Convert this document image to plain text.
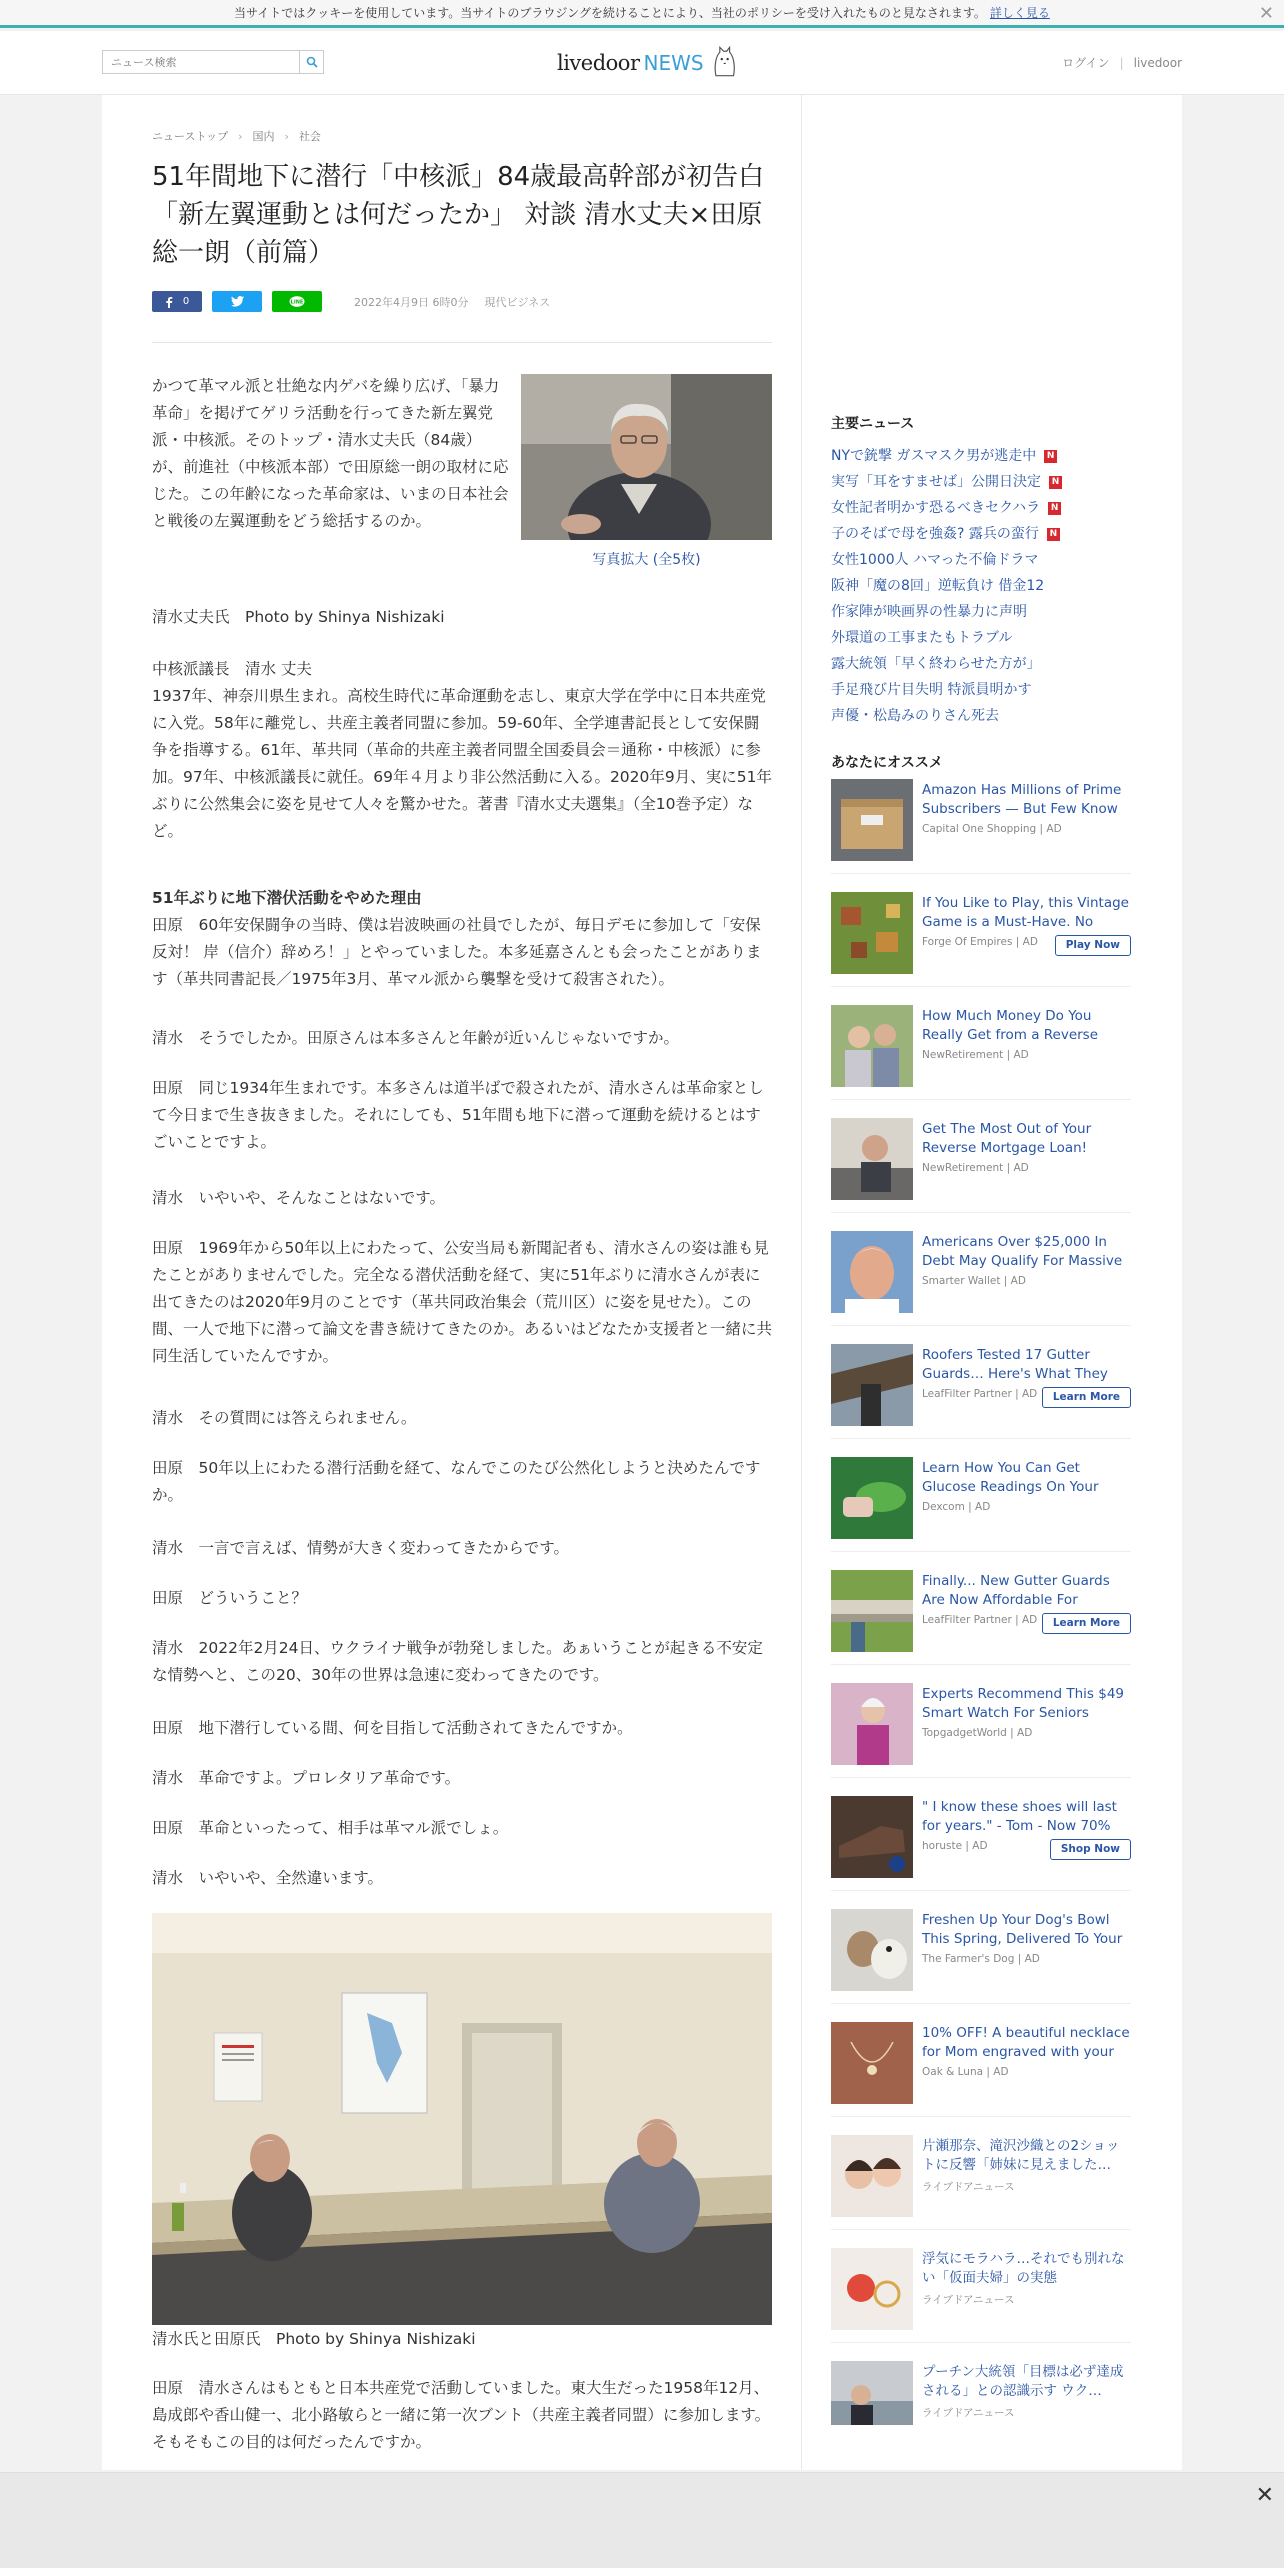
当サイトではクッキーを使用しています。当サイトのブラウジングを続けることにより、当社のポリシーを受け入れたものと見なされます。 詳しく見る	✕
ニュース検索
livedoor NEWS	ログイン | livedoor
ニューストップ › 国内 › 社会
51年間地下に潜行「中核派」84歳最高幹部が初告白「新左翼運動とは何だったか」 対談 清水丈夫×田原総一朗（前篇）
0	LINE	2022年4月9日 6時0分 現代ビジネス

かつて革マル派と壮絶な内ゲバを繰り広げ、「暴力革命」を掲げてゲリラ活動を行ってきた新左翼党派・中核派。そのトップ・清水丈夫氏（84歳）が、前進社（中核派本部）で田原総一朗の取材に応じた。この年齢になった革命家は、いまの日本社会と戦後の左翼運動をどう総括するのか。

写真拡大 (全5枚)

清水丈夫氏　Photo by Shinya Nishizaki

中核派議長　清水 丈夫

1937年、神奈川県生まれ。高校生時代に革命運動を志し、東京大学在学中に日本共産党に入党。58年に離党し、共産主義者同盟に参加。59-60年、全学連書記長として安保闘争を指導する。61年、革共同（革命的共産主義者同盟全国委員会＝通称・中核派）に参加。97年、中核派議長に就任。69年４月より非公然活動に入る。2020年9月、実に51年ぶりに公然集会に姿を見せて人々を驚かせた。著書『清水丈夫選集』（全10巻予定）など。

51年ぶりに地下潜伏活動をやめた理由

田原　60年安保闘争の当時、僕は岩波映画の社員でしたが、毎日デモに参加して「安保反対！ 岸（信介）辞めろ！」とやっていました。本多延嘉さんとも会ったことがあります（革共同書記長／1975年3月、革マル派から襲撃を受けて殺害された）。

清水　そうでしたか。田原さんは本多さんと年齢が近いんじゃないですか。

田原　同じ1934年生まれです。本多さんは道半ばで殺されたが、清水さんは革命家として今日まで生き抜きました。それにしても、51年間も地下に潜って運動を続けるとはすごいことですよ。

清水　いやいや、そんなことはないです。

田原　1969年から50年以上にわたって、公安当局も新聞記者も、清水さんの姿は誰も見たことがありませんでした。完全なる潜伏活動を経て、実に51年ぶりに清水さんが表に出てきたのは2020年9月のことです（革共同政治集会（荒川区）に姿を見せた）。この間、一人で地下に潜って論文を書き続けてきたのか。あるいはどなたか支援者と一緒に共同生活していたんですか。

清水　その質問には答えられません。

田原　50年以上にわたる潜行活動を経て、なんでこのたび公然化しようと決めたんですか。

清水　一言で言えば、情勢が大きく変わってきたからです。

田原　どういうこと？

清水　2022年2月24日、ウクライナ戦争が勃発しました。あぁいうことが起きる不安定な情勢へと、この20、30年の世界は急速に変わってきたのです。

田原　地下潜行している間、何を目指して活動されてきたんですか。

清水　革命ですよ。プロレタリア革命です。

田原　革命といったって、相手は革マル派でしょ。

清水　いやいや、全然違います。

清水氏と田原氏　Photo by Shinya Nishizaki

田原　清水さんはもともと日本共産党で活動していました。東大生だった1958年12月、島成郎や香山健一、北小路敏らと一緒に第一次ブント（共産主義者同盟）に参加します。そもそもこの目的は何だったんですか。

主要ニュース
NYで銃撃 ガスマスク男が逃走中 N
実写「耳をすませば」公開日決定 N
女性記者明かす恐るべきセクハラ N
子のそばで母を強姦? 露兵の蛮行 N
女性1000人 ハマった不倫ドラマ
阪神「魔の8回」逆転負け 借金12
作家陣が映画界の性暴力に声明
外環道の工事またもトラブル
露大統領「早く終わらせた方が」
手足飛び片目失明 特派員明かす
声優・松島みのりさん死去
あなたにオススメ
Amazon Has Millions of Prime Subscribers — But Few Know
Capital One Shopping | AD
If You Like to Play, this Vintage Game is a Must-Have. No
Forge Of Empires | AD	Play Now
How Much Money Do You Really Get from a Reverse
NewRetirement | AD
Get The Most Out of Your Reverse Mortgage Loan!
NewRetirement | AD
Americans Over $25,000 In Debt May Qualify For Massive
Smarter Wallet | AD
Roofers Tested 17 Gutter Guards… Here's What They
LeafFilter Partner | AD	Learn More
Learn How You Can Get Glucose Readings On Your
Dexcom | AD
Finally... New Gutter Guards Are Now Affordable For
LeafFilter Partner | AD	Learn More
Experts Recommend This $49 Smart Watch For Seniors
TopgadgetWorld | AD
" I know these shoes will last for years." - Tom - Now 70%
horuste | AD	Shop Now
Freshen Up Your Dog's Bowl This Spring, Delivered To Your
The Farmer's Dog | AD
10% OFF! A beautiful necklace for Mom engraved with your
Oak & Luna | AD
片瀬那奈、滝沢沙織との2ショットに反響「姉妹に見えました…
ライブドアニュース
浮気にモラハラ…それでも別れない「仮面夫婦」の実態
ライブドアニュース
プーチン大統領「目標は必ず達成される」との認識示す ウク…
ライブドアニュース
✕
